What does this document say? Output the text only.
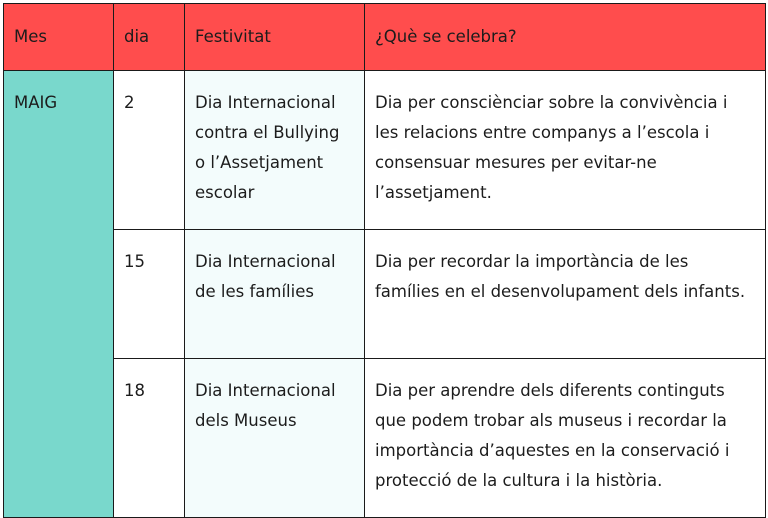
Mes	dia	Festivitat	¿Què se celebra?
MAIG	2	Dia Internacional contra el Bullying o l’Assetjament escolar	Dia per consciènciar sobre la convivència i les relacions entre companys a l’escola i consensuar mesures per evitar-ne l’assetjament.
	15	Dia Internacional de les famílies	Dia per recordar la importància de les famílies en el desenvolupament dels infants.
	18	Dia Internacional dels Museus	Dia per aprendre dels diferents continguts que podem trobar als museus i recordar la importància d’aquestes en la conservació i protecció de la cultura i la història.
